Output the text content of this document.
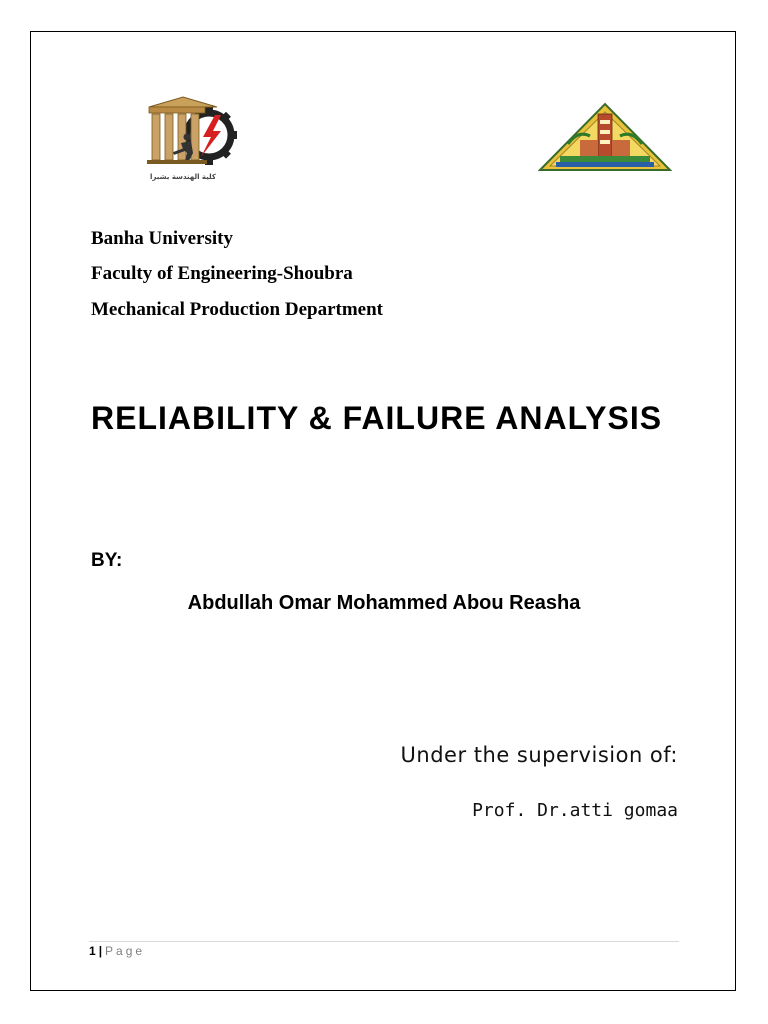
كلية الهندسة بشبرا
Banha University
Faculty of Engineering-Shoubra
Mechanical Production Department
RELIABILITY & FAILURE ANALYSIS
BY:
Abdullah Omar Mohammed Abou Reasha
Under the supervision of:
Prof. Dr.atti gomaa
1 | Page
